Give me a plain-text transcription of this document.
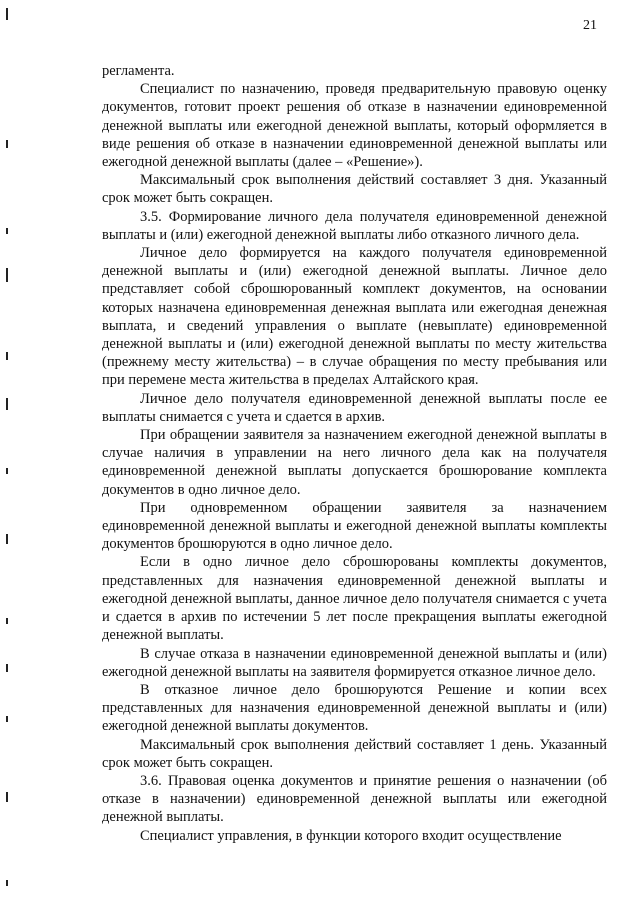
21

регламента.

Специалист по назначению, проведя предварительную правовую оценку документов, готовит проект решения об отказе в назначении единовременной денежной выплаты или ежегодной денежной выплаты, который оформляется в виде решения об отказе в назначении единовременной денежной выплаты или ежегодной денежной выплаты (далее – «Решение»).

Максимальный срок выполнения действий составляет 3 дня. Указанный срок может быть сокращен.

3.5. Формирование личного дела получателя единовременной денежной выплаты и (или) ежегодной денежной выплаты либо отказного личного дела.

Личное дело формируется на каждого получателя единовременной денежной выплаты и (или) ежегодной денежной выплаты. Личное дело представляет собой сброшюрованный комплект документов, на основании которых назначена единовременная денежная выплата или ежегодная денежная выплата, и сведений управления о выплате (невыплате) единовременной денежной выплаты и (или) ежегодной денежной выплаты по месту жительства (прежнему месту жительства) – в случае обращения по месту пребывания или при перемене места жительства в пределах Алтайского края.

Личное дело получателя единовременной денежной выплаты после ее выплаты снимается с учета и сдается в архив.

При обращении заявителя за назначением ежегодной денежной выплаты в случае наличия в управлении на него личного дела как на получателя единовременной денежной выплаты допускается брошюрование комплекта документов в одно личное дело.

При одновременном обращении заявителя за назначением единовременной денежной выплаты и ежегодной денежной выплаты комплекты документов брошюруются в одно личное дело.

Если в одно личное дело сброшюрованы комплекты документов, представленных для назначения единовременной денежной выплаты и ежегодной денежной выплаты, данное личное дело получателя снимается с учета и сдается в архив по истечении 5 лет после прекращения выплаты ежегодной денежной выплаты.

В случае отказа в назначении единовременной денежной выплаты и (или) ежегодной денежной выплаты на заявителя формируется отказное личное дело.

В отказное личное дело брошюруются Решение и копии всех представленных для назначения единовременной денежной выплаты и (или) ежегодной денежной выплаты документов.

Максимальный срок выполнения действий составляет 1 день. Указанный срок может быть сокращен.

3.6. Правовая оценка документов и принятие решения о назначении (об отказе в назначении) единовременной денежной выплаты или ежегодной денежной выплаты.

Специалист управления, в функции которого входит осуществление
